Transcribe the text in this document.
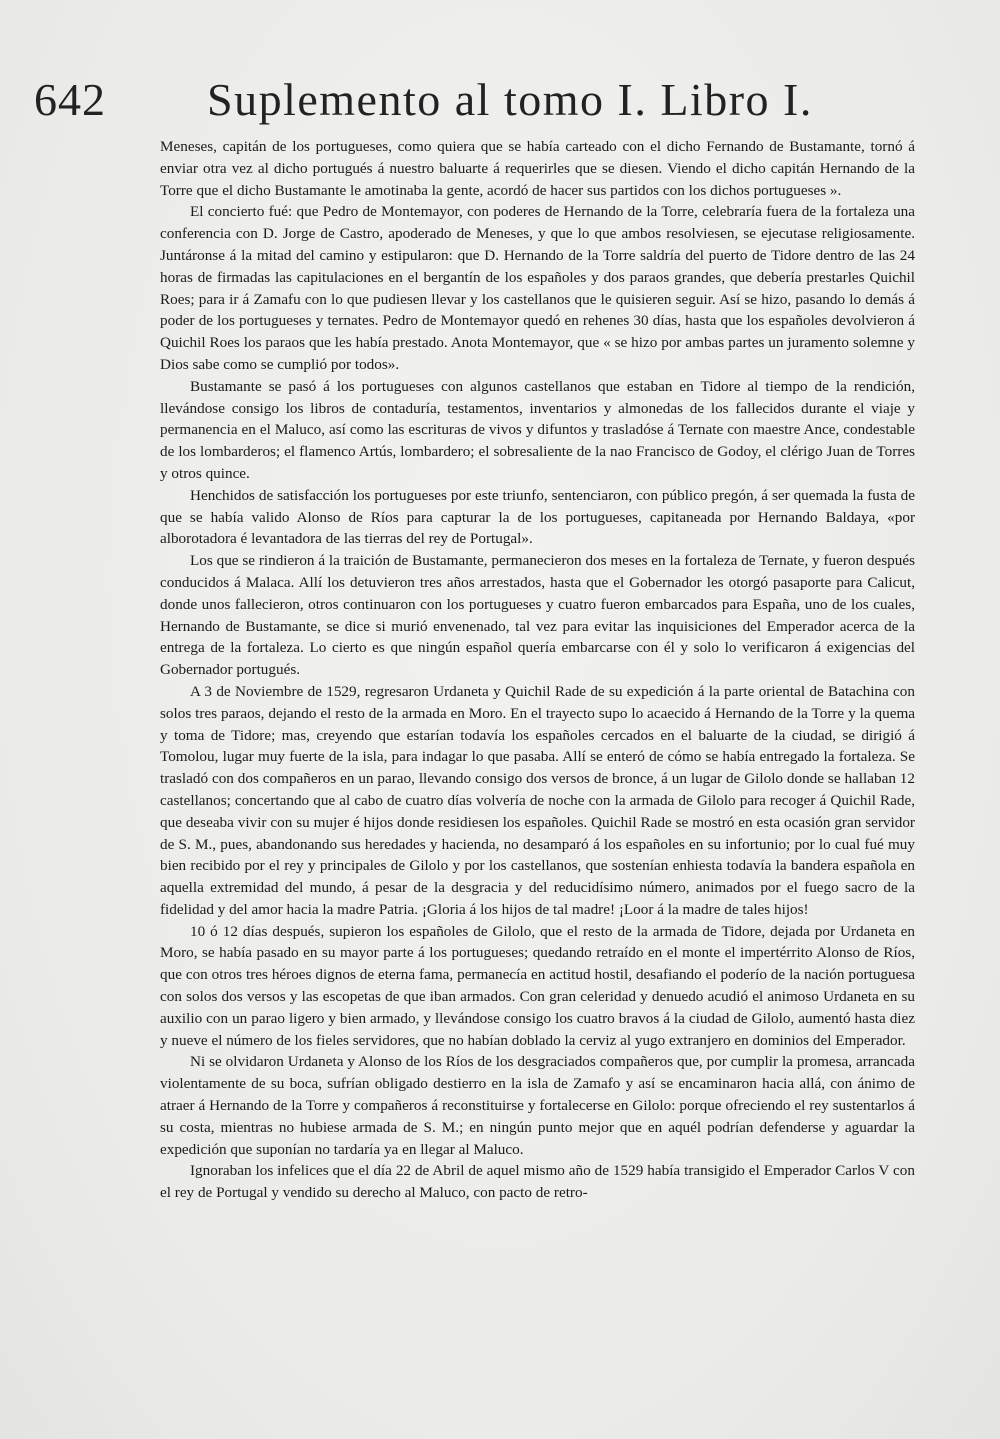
642 Suplemento al tomo I. Libro I.

Meneses, capitán de los portugueses, como quiera que se había carteado con el dicho Fernando de Bustamante, tornó á enviar otra vez al dicho portugués á nuestro baluarte á requerirles que se diesen. Viendo el dicho capitán Hernando de la Torre que el dicho Bustamante le amotinaba la gente, acordó de hacer sus partidos con los dichos portugueses ».

El concierto fué: que Pedro de Montemayor, con poderes de Hernando de la Torre, celebraría fuera de la fortaleza una conferencia con D. Jorge de Castro, apoderado de Meneses, y que lo que ambos resolviesen, se ejecutase religiosamente. Juntáronse á la mitad del camino y estipularon: que D. Hernando de la Torre saldría del puerto de Tidore dentro de las 24 horas de firmadas las capitulaciones en el bergantín de los españoles y dos paraos grandes, que debería prestarles Quichil Roes; para ir á Zamafu con lo que pudiesen llevar y los castellanos que le quisieren seguir. Así se hizo, pasando lo demás á poder de los portugueses y ternates. Pedro de Montemayor quedó en rehenes 30 días, hasta que los españoles devolvieron á Quichil Roes los paraos que les había prestado. Anota Montemayor, que « se hizo por ambas partes un juramento solemne y Dios sabe como se cumplió por todos».

Bustamante se pasó á los portugueses con algunos castellanos que estaban en Tidore al tiempo de la rendición, llevándose consigo los libros de contaduría, testamentos, inventarios y almonedas de los fallecidos durante el viaje y permanencia en el Maluco, así como las escrituras de vivos y difuntos y trasladóse á Ternate con maestre Ance, condestable de los lombarderos; el flamenco Artús, lombardero; el sobresaliente de la nao Francisco de Godoy, el clérigo Juan de Torres y otros quince.

Henchidos de satisfacción los portugueses por este triunfo, sentenciaron, con público pregón, á ser quemada la fusta de que se había valido Alonso de Ríos para capturar la de los portugueses, capitaneada por Hernando Baldaya, «por alborotadora é levantadora de las tierras del rey de Portugal».

Los que se rindieron á la traición de Bustamante, permanecieron dos meses en la fortaleza de Ternate, y fueron después conducidos á Malaca. Allí los detuvieron tres años arrestados, hasta que el Gobernador les otorgó pasaporte para Calicut, donde unos fallecieron, otros continuaron con los portugueses y cuatro fueron embarcados para España, uno de los cuales, Hernando de Bustamante, se dice si murió envenenado, tal vez para evitar las inquisiciones del Emperador acerca de la entrega de la fortaleza. Lo cierto es que ningún español quería embarcarse con él y solo lo verificaron á exigencias del Gobernador portugués.

A 3 de Noviembre de 1529, regresaron Urdaneta y Quichil Rade de su expedición á la parte oriental de Batachina con solos tres paraos, dejando el resto de la armada en Moro. En el trayecto supo lo acaecido á Hernando de la Torre y la quema y toma de Tidore; mas, creyendo que estarían todavía los españoles cercados en el baluarte de la ciudad, se dirigió á Tomolou, lugar muy fuerte de la isla, para indagar lo que pasaba. Allí se enteró de cómo se había entregado la fortaleza. Se trasladó con dos compañeros en un parao, llevando consigo dos versos de bronce, á un lugar de Gilolo donde se hallaban 12 castellanos; concertando que al cabo de cuatro días volvería de noche con la armada de Gilolo para recoger á Quichil Rade, que deseaba vivir con su mujer é hijos donde residiesen los españoles. Quichil Rade se mostró en esta ocasión gran servidor de S. M., pues, abandonando sus heredades y hacienda, no desamparó á los españoles en su infortunio; por lo cual fué muy bien recibido por el rey y principales de Gilolo y por los castellanos, que sostenían enhiesta todavía la bandera española en aquella extremidad del mundo, á pesar de la desgracia y del reducidísimo número, animados por el fuego sacro de la fidelidad y del amor hacia la madre Patria. ¡Gloria á los hijos de tal madre! ¡Loor á la madre de tales hijos!

10 ó 12 días después, supieron los españoles de Gilolo, que el resto de la armada de Tidore, dejada por Urdaneta en Moro, se había pasado en su mayor parte á los portugueses; quedando retraído en el monte el impertérrito Alonso de Ríos, que con otros tres héroes dignos de eterna fama, permanecía en actitud hostil, desafiando el poderío de la nación portuguesa con solos dos versos y las escopetas de que iban armados. Con gran celeridad y denuedo acudió el animoso Urdaneta en su auxilio con un parao ligero y bien armado, y llevándose consigo los cuatro bravos á la ciudad de Gilolo, aumentó hasta diez y nueve el número de los fieles servidores, que no habían doblado la cerviz al yugo extranjero en dominios del Emperador.

Ni se olvidaron Urdaneta y Alonso de los Ríos de los desgraciados compañeros que, por cumplir la promesa, arrancada violentamente de su boca, sufrían obligado destierro en la isla de Zamafo y así se encaminaron hacia allá, con ánimo de atraer á Hernando de la Torre y compañeros á reconstituirse y fortalecerse en Gilolo: porque ofreciendo el rey sustentarlos á su costa, mientras no hubiese armada de S. M.; en ningún punto mejor que en aquél podrían defenderse y aguardar la expedición que suponían no tardaría ya en llegar al Maluco.

Ignoraban los infelices que el día 22 de Abril de aquel mismo año de 1529 había transigido el Emperador Carlos V con el rey de Portugal y vendido su derecho al Maluco, con pacto de retro-
